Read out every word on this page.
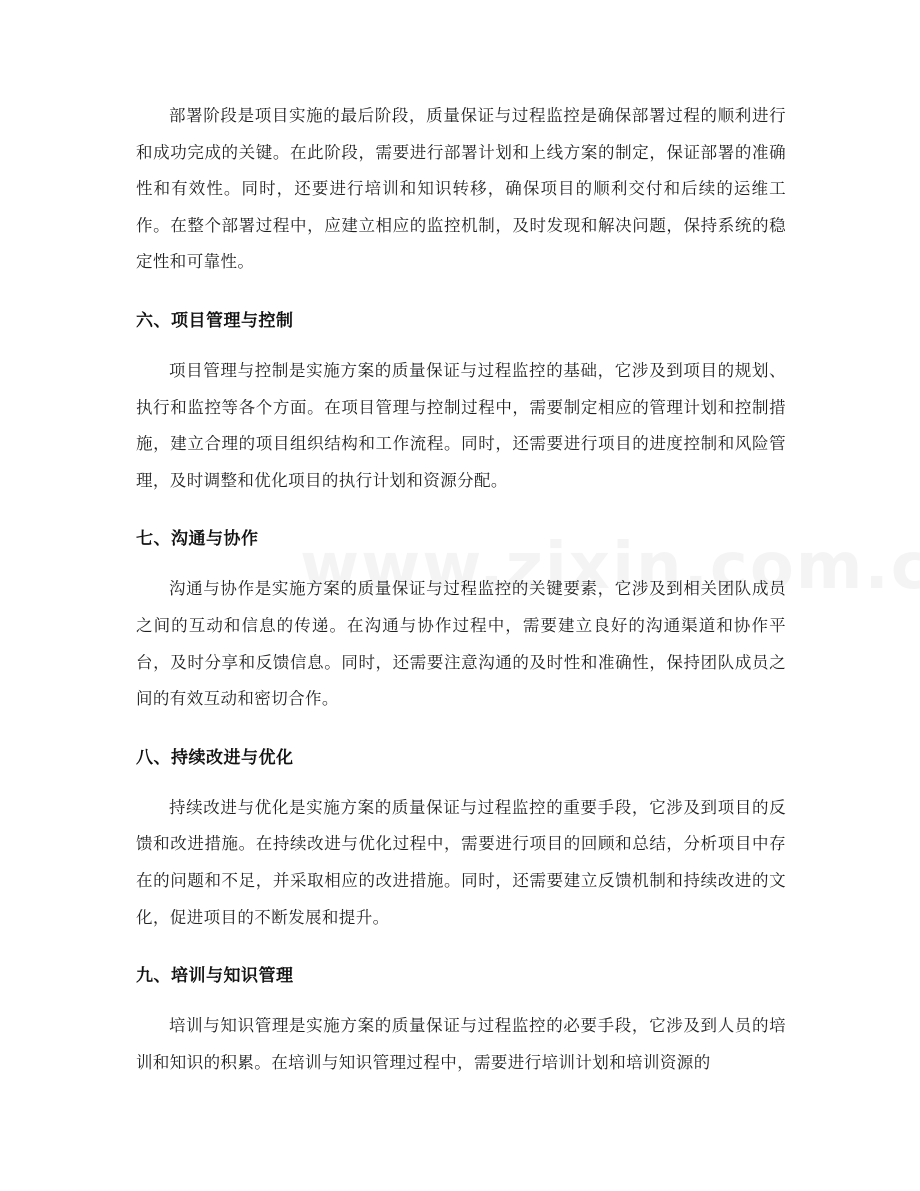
部署阶段是项目实施的最后阶段，质量保证与过程监控是确保部署过程的顺利进行和成功完成的关键。在此阶段，需要进行部署计划和上线方案的制定，保证部署的准确性和有效性。同时，还要进行培训和知识转移，确保项目的顺利交付和后续的运维工作。在整个部署过程中，应建立相应的监控机制，及时发现和解决问题，保持系统的稳定性和可靠性。

六、项目管理与控制

项目管理与控制是实施方案的质量保证与过程监控的基础，它涉及到项目的规划、执行和监控等各个方面。在项目管理与控制过程中，需要制定相应的管理计划和控制措施，建立合理的项目组织结构和工作流程。同时，还需要进行项目的进度控制和风险管理，及时调整和优化项目的执行计划和资源分配。

七、沟通与协作

沟通与协作是实施方案的质量保证与过程监控的关键要素，它涉及到相关团队成员之间的互动和信息的传递。在沟通与协作过程中，需要建立良好的沟通渠道和协作平台，及时分享和反馈信息。同时，还需要注意沟通的及时性和准确性，保持团队成员之间的有效互动和密切合作。

八、持续改进与优化

持续改进与优化是实施方案的质量保证与过程监控的重要手段，它涉及到项目的反馈和改进措施。在持续改进与优化过程中，需要进行项目的回顾和总结，分析项目中存在的问题和不足，并采取相应的改进措施。同时，还需要建立反馈机制和持续改进的文化，促进项目的不断发展和提升。

九、培训与知识管理

培训与知识管理是实施方案的质量保证与过程监控的必要手段，它涉及到人员的培训和知识的积累。在培训与知识管理过程中，需要进行培训计划和培训资源的
